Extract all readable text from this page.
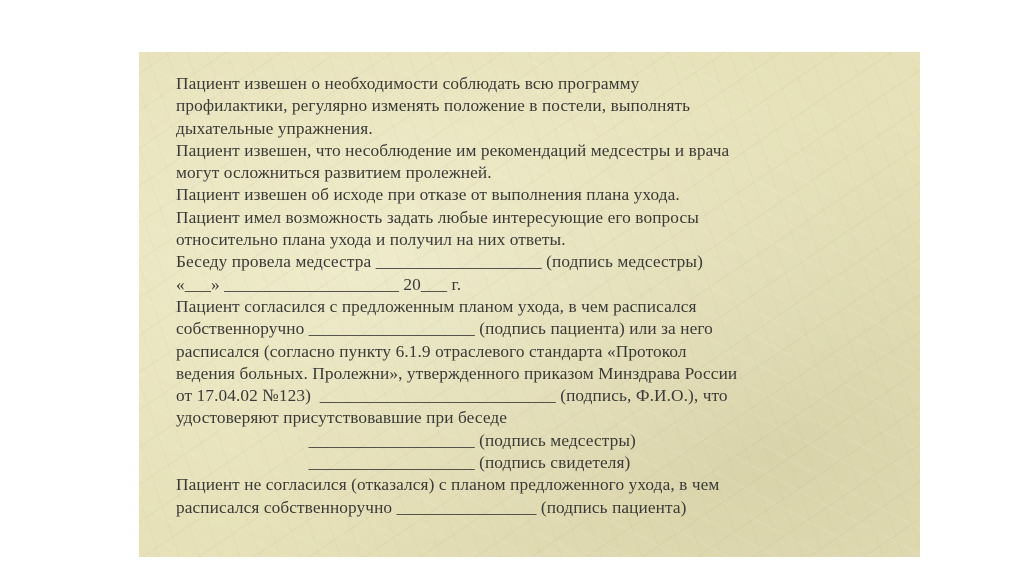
Пациент извешен о необходимости соблюдать всю программу
профилактики, регулярно изменять положение в постели, выполнять
дыхательные упражнения.
Пациент извешен, что несоблюдение им рекомендаций медсестры и врача
могут осложниться развитием пролежней.
Пациент извешен об исходе при отказе от выполнения плана ухода.
Пациент имел возможность задать любые интересующие его вопросы
относительно плана ухода и получил на них ответы.
Беседу провела медсестра ___________________ (подпись медсестры)
«___» ____________________ 20___ г.
Пациент согласился с предложенным планом ухода, в чем расписался
собственноручно ___________________ (подпись пациента) или за него
расписался (согласно пункту 6.1.9 отраслевого стандарта «Протокол
ведения больных. Пролежни», утвержденного приказом Минздрава России
от 17.04.02 №123)  ___________________________ (подпись, Ф.И.О.), что
удостоверяют присутствовавшие при беседе
___________________ (подпись медсестры)
___________________ (подпись свидетеля)
Пациент не согласился (отказался) с планом предложенного ухода, в чем
расписался собственноручно ________________ (подпись пациента)
